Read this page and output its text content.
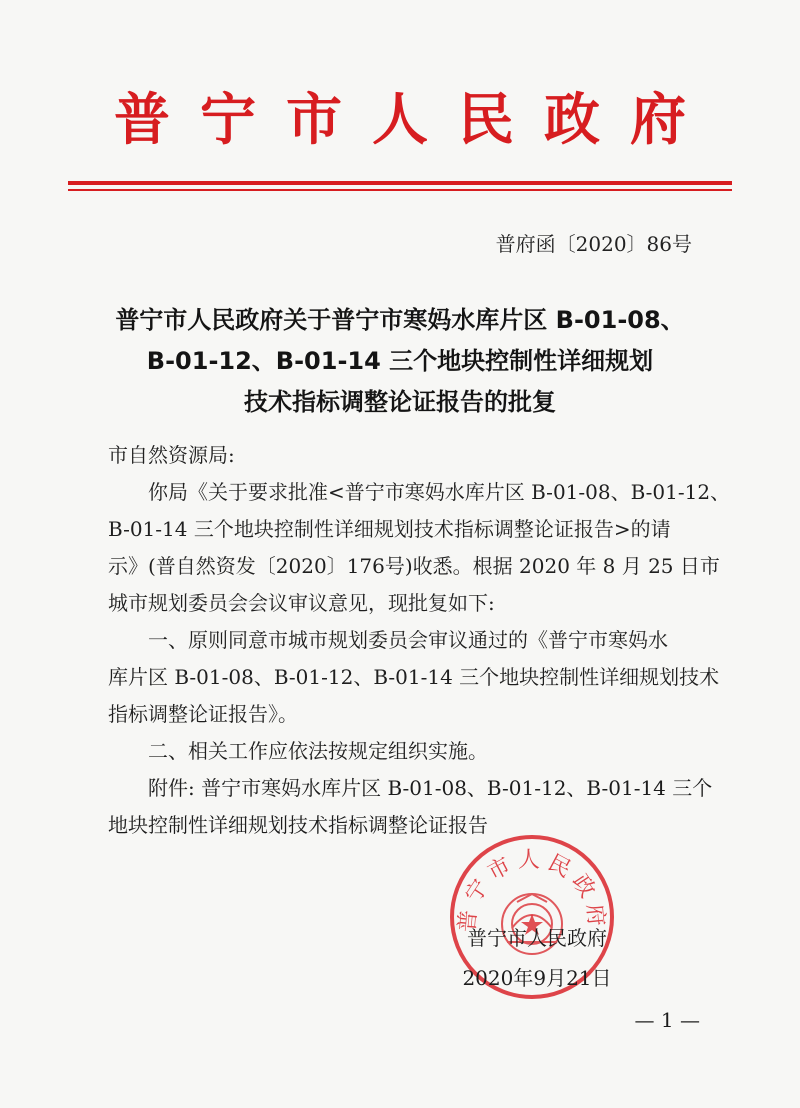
普宁市人民政府
普府函〔2020〕86号
普宁市人民政府关于普宁市寒妈水库片区 B-01-08、
B-01-12、B-01-14 三个地块控制性详细规划
技术指标调整论证报告的批复

市自然资源局:

你局《关于要求批准<普宁市寒妈水库片区 B-01-08、B-01-12、

B-01-14 三个地块控制性详细规划技术指标调整论证报告>的请

示》(普自然资发〔2020〕176号)收悉。根据 2020 年 8 月 25 日市

城市规划委员会会议审议意见，现批复如下:

一、原则同意市城市规划委员会审议通过的《普宁市寒妈水

库片区 B-01-08、B-01-12、B-01-14 三个地块控制性详细规划技术

指标调整论证报告》。

二、相关工作应依法按规定组织实施。

附件: 普宁市寒妈水库片区 B-01-08、B-01-12、B-01-14 三个

地块控制性详细规划技术指标调整论证报告

普宁市人民政府

普宁市人民政府

2020年9月21日

— 1 —
